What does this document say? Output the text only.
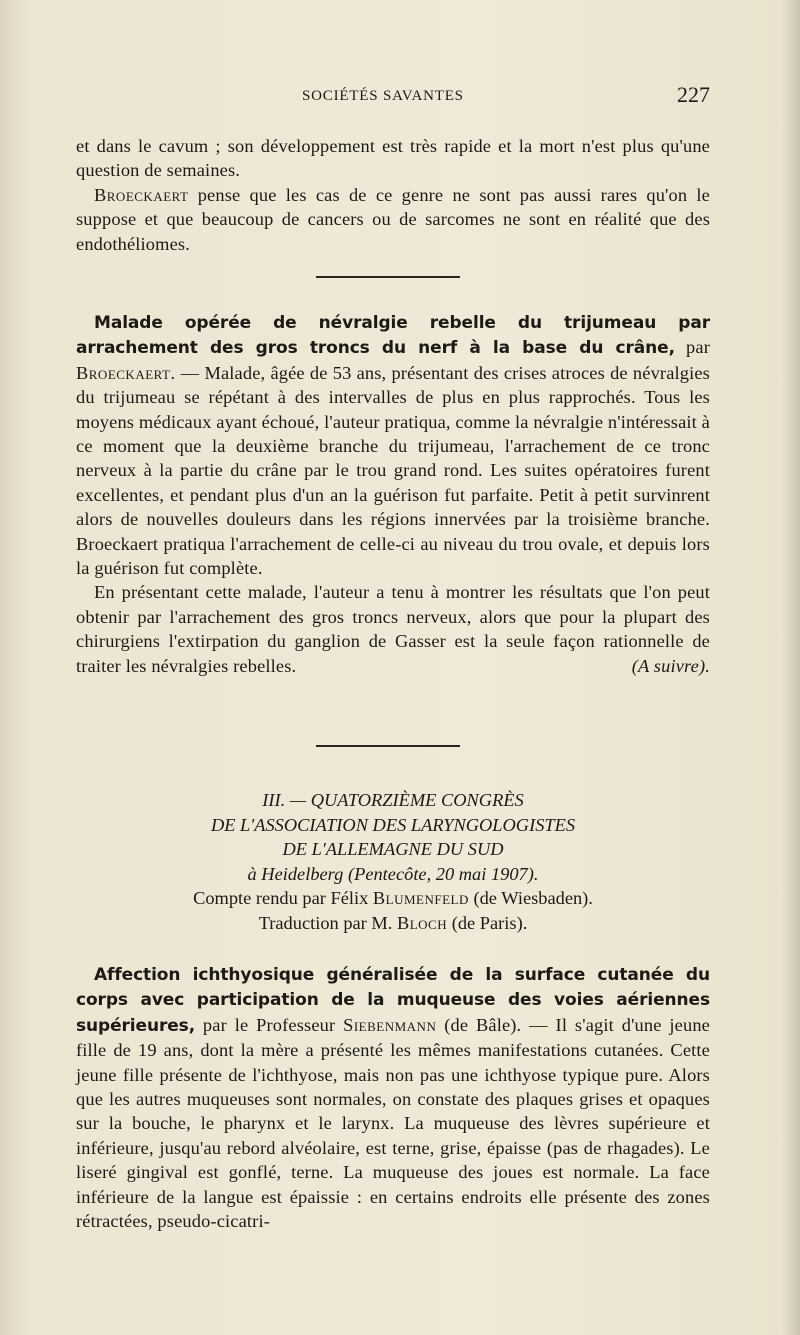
SOCIÉTÉS SAVANTES	227

et dans le cavum ; son développement est très rapide et la mort n'est plus qu'une question de semaines.

Broeckaert pense que les cas de ce genre ne sont pas aussi rares qu'on le suppose et que beaucoup de cancers ou de sarcomes ne sont en réalité que des endothéliomes.

Malade opérée de névralgie rebelle du trijumeau par arrachement des gros troncs du nerf à la base du crâne, par Broeckaert. — Malade, âgée de 53 ans, présentant des crises atroces de névralgies du trijumeau se répétant à des intervalles de plus en plus rapprochés. Tous les moyens médicaux ayant échoué, l'auteur pratiqua, comme la névralgie n'intéressait à ce moment que la deuxième branche du trijumeau, l'arrachement de ce tronc nerveux à la partie du crâne par le trou grand rond. Les suites opératoires furent excellentes, et pendant plus d'un an la guérison fut parfaite. Petit à petit survinrent alors de nouvelles douleurs dans les régions innervées par la troisième branche. Broeckaert pratiqua l'arrachement de celle-ci au niveau du trou ovale, et depuis lors la guérison fut complète.

En présentant cette malade, l'auteur a tenu à montrer les résultats que l'on peut obtenir par l'arrachement des gros troncs nerveux, alors que pour la plupart des chirurgiens l'extirpation du ganglion de Gasser est la seule façon rationnelle de traiter les névralgies rebelles.	(A suivre).

III. — QUATORZIÈME CONGRÈS

DE L'ASSOCIATION DES LARYNGOLOGISTES

DE L'ALLEMAGNE DU SUD

à Heidelberg (Pentecôte, 20 mai 1907).

Compte rendu par Félix Blumenfeld (de Wiesbaden).

Traduction par M. Bloch (de Paris).

Affection ichthyosique généralisée de la surface cutanée du corps avec participation de la muqueuse des voies aériennes supérieures, par le Professeur Siebenmann (de Bâle). — Il s'agit d'une jeune fille de 19 ans, dont la mère a présenté les mêmes manifestations cutanées. Cette jeune fille présente de l'ichthyose, mais non pas une ichthyose typique pure. Alors que les autres muqueuses sont normales, on constate des plaques grises et opaques sur la bouche, le pharynx et le larynx. La muqueuse des lèvres supérieure et inférieure, jusqu'au rebord alvéolaire, est terne, grise, épaisse (pas de rhagades). Le liseré gingival est gonflé, terne. La muqueuse des joues est normale. La face inférieure de la langue est épaissie : en certains endroits elle présente des zones rétractées, pseudo-cicatri-
